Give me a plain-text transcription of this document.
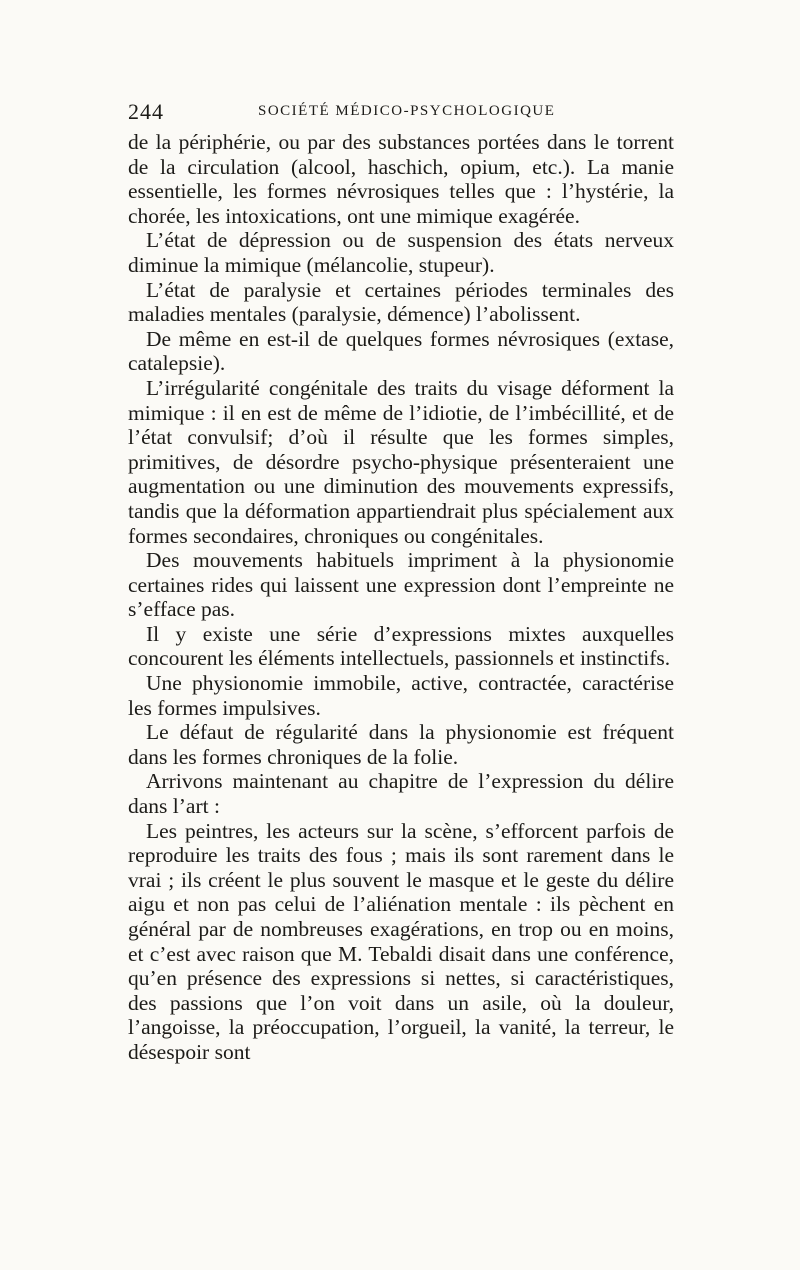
244	SOCIÉTÉ MÉDICO-PSYCHOLOGIQUE

de la périphérie, ou par des substances portées dans le torrent de la circulation (alcool, haschich, opium, etc.). La manie essentielle, les formes névrosiques telles que : l’hystérie, la chorée, les intoxications, ont une mimique exagérée.

L’état de dépression ou de suspension des états nerveux diminue la mimique (mélancolie, stupeur).

L’état de paralysie et certaines périodes terminales des maladies mentales (paralysie, démence) l’abolissent.

De même en est-il de quelques formes névrosiques (extase, catalepsie).

L’irrégularité congénitale des traits du visage déforment la mimique : il en est de même de l’idiotie, de l’imbécillité, et de l’état convulsif; d’où il résulte que les formes simples, primitives, de désordre psycho-physique présenteraient une augmentation ou une diminution des mouvements expressifs, tandis que la déformation appartiendrait plus spécialement aux formes secondaires, chroniques ou congénitales.

Des mouvements habituels impriment à la physionomie certaines rides qui laissent une expression dont l’empreinte ne s’efface pas.

Il y existe une série d’expressions mixtes auxquelles concourent les éléments intellectuels, passionnels et instinctifs.

Une physionomie immobile, active, contractée, caractérise les formes impulsives.

Le défaut de régularité dans la physionomie est fréquent dans les formes chroniques de la folie.

Arrivons maintenant au chapitre de l’expression du délire dans l’art :

Les peintres, les acteurs sur la scène, s’efforcent parfois de reproduire les traits des fous ; mais ils sont rarement dans le vrai ; ils créent le plus souvent le masque et le geste du délire aigu et non pas celui de l’aliénation mentale : ils pèchent en général par de nombreuses exagérations, en trop ou en moins, et c’est avec raison que M. Tebaldi disait dans une conférence, qu’en présence des expressions si nettes, si caractéristiques, des passions que l’on voit dans un asile, où la douleur, l’angoisse, la préoccupation, l’orgueil, la vanité, la terreur, le désespoir sont
